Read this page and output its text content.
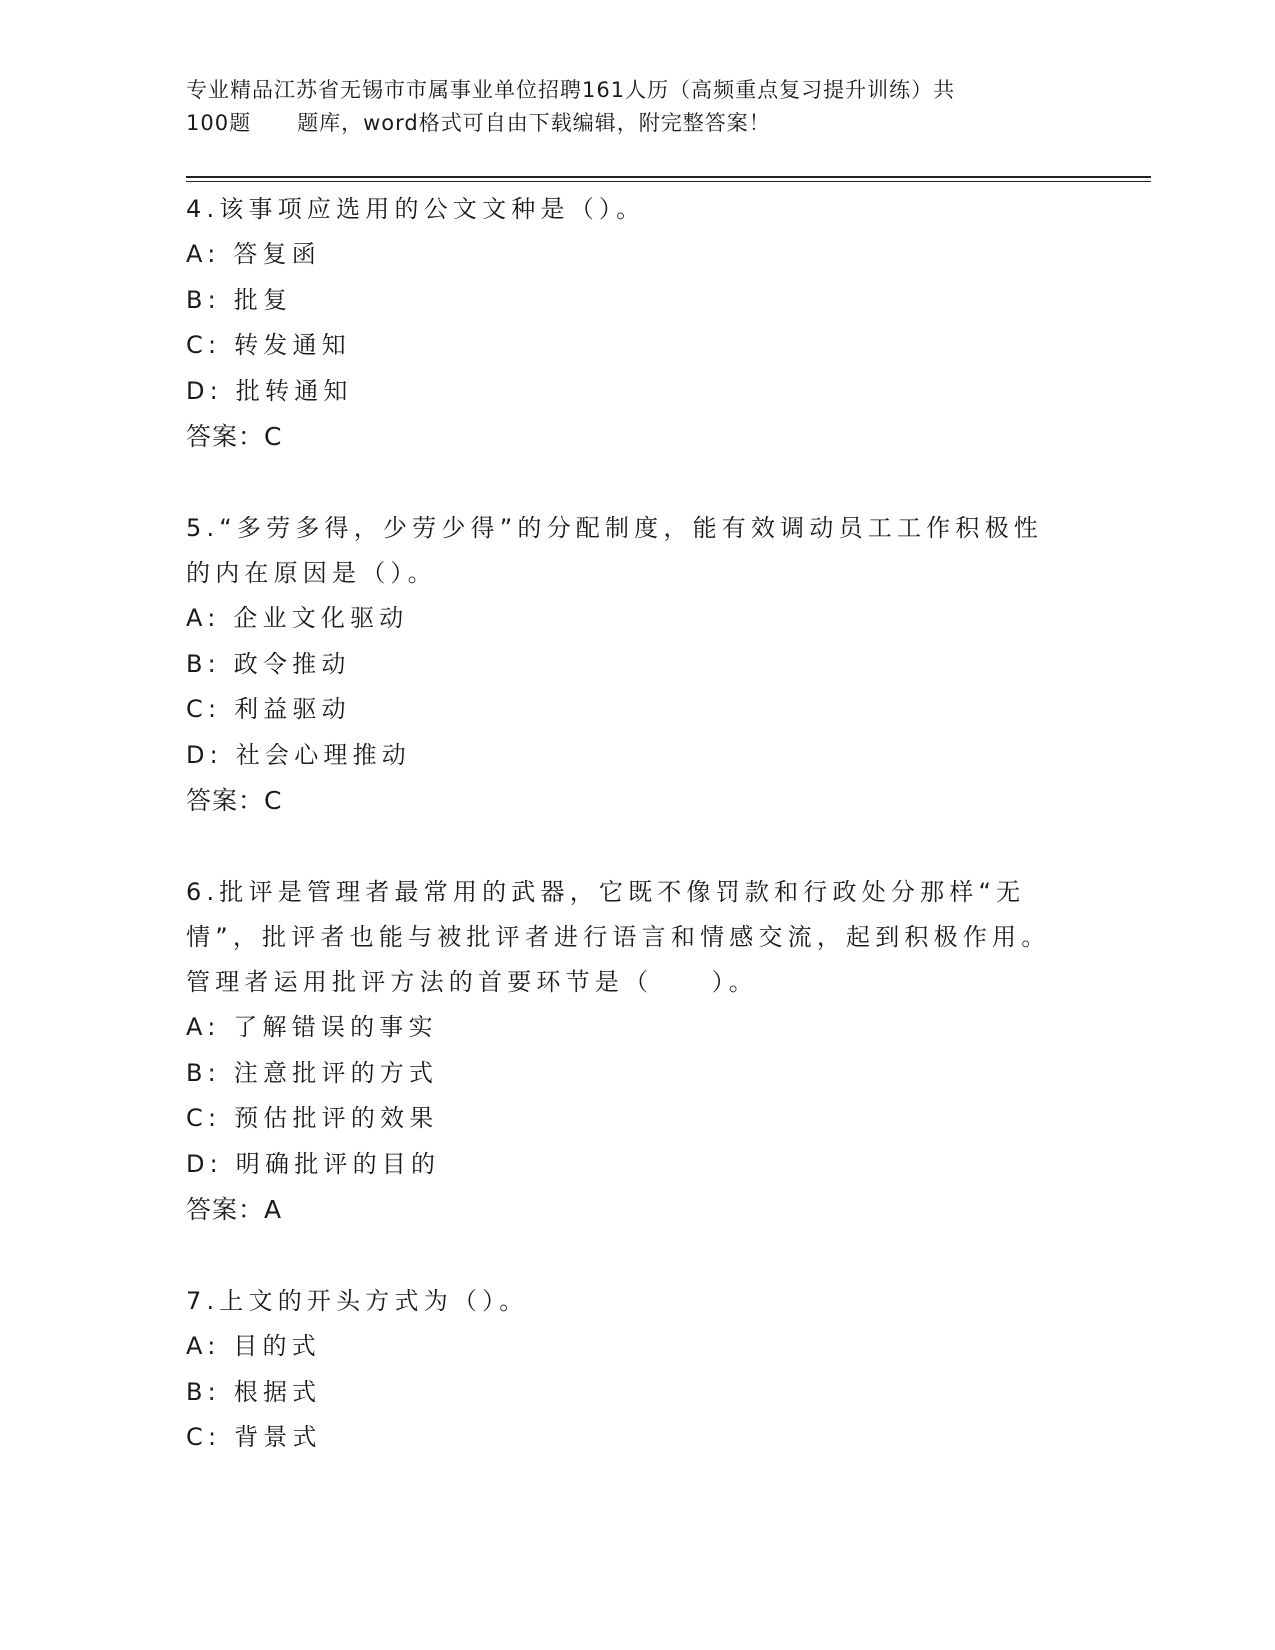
专业精品江苏省无锡市市属事业单位招聘161人历（高频重点复习提升训练）共

100题      题库，word格式可自由下载编辑，附完整答案！

4.该事项应选用的公文文种是（）。

A: 答复函

B: 批复

C: 转发通知

D: 批转通知

答案：C

5.“多劳多得，少劳少得”的分配制度，能有效调动员工工作积极性的内在原因是（）。

A: 企业文化驱动

B: 政令推动

C: 利益驱动

D: 社会心理推动

答案：C

6.批评是管理者最常用的武器，它既不像罚款和行政处分那样“无情”，批评者也能与被批评者进行语言和情感交流，起到积极作用。管理者运用批评方法的首要环节是（　　）。

A: 了解错误的事实

B: 注意批评的方式

C: 预估批评的效果

D: 明确批评的目的

答案：A

7.上文的开头方式为（）。

A: 目的式

B: 根据式

C: 背景式
